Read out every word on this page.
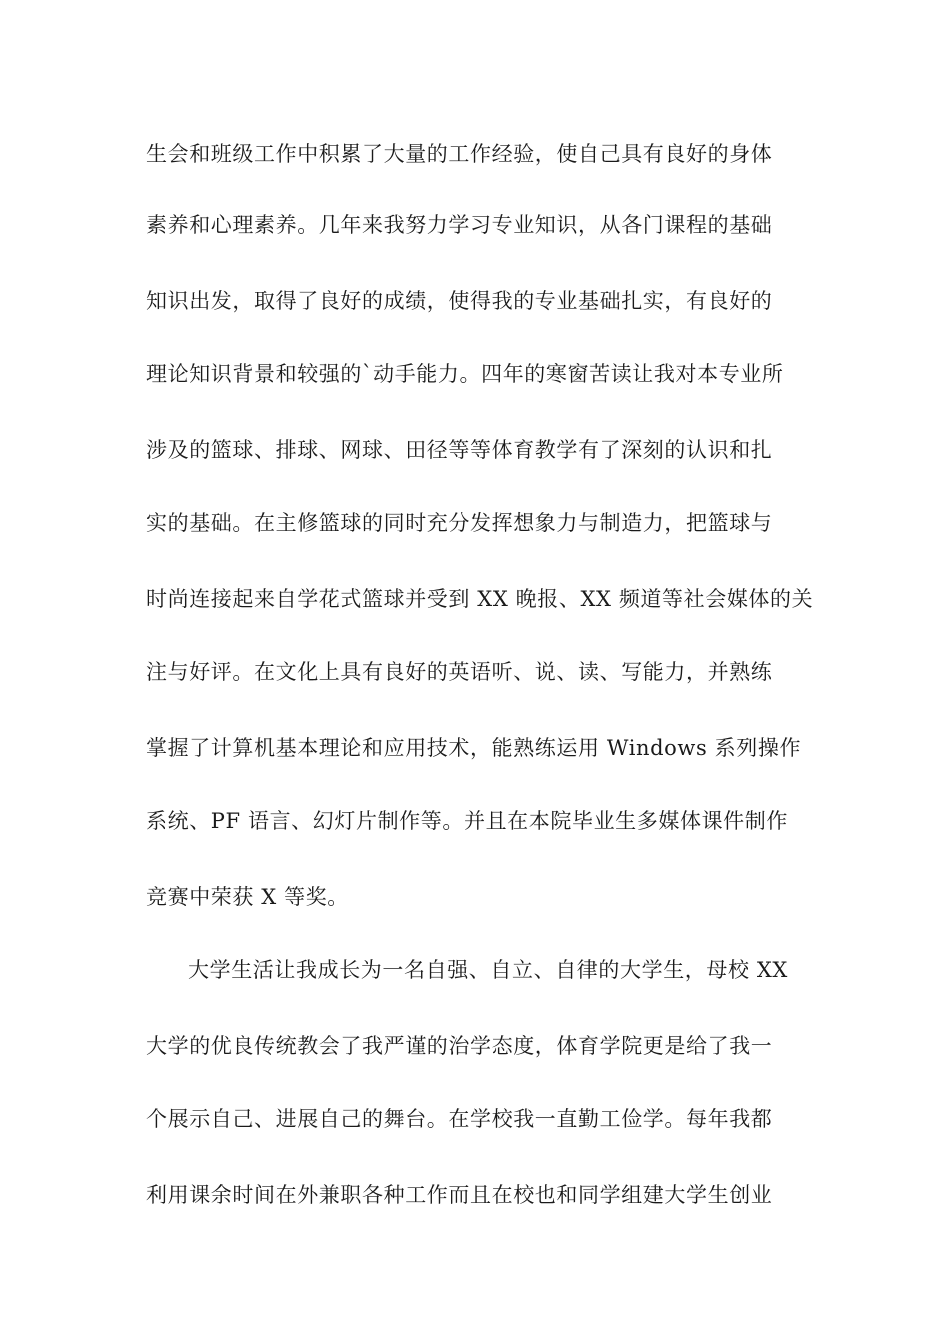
生会和班级工作中积累了大量的工作经验，使自己具有良好的身体
素养和心理素养。几年来我努力学习专业知识，从各门课程的基础
知识出发，取得了良好的成绩，使得我的专业基础扎实，有良好的
理论知识背景和较强的`动手能力。四年的寒窗苦读让我对本专业所
涉及的篮球、排球、网球、田径等等体育教学有了深刻的认识和扎
实的基础。在主修篮球的同时充分发挥想象力与制造力，把篮球与
时尚连接起来自学花式篮球并受到 XX 晚报、XX 频道等社会媒体的关
注与好评。在文化上具有良好的英语听、说、读、写能力，并熟练
掌握了计算机基本理论和应用技术，能熟练运用 Windows 系列操作
系统、PF 语言、幻灯片制作等。并且在本院毕业生多媒体课件制作
竞赛中荣获 X 等奖。
大学生活让我成长为一名自强、自立、自律的大学生，母校 XX
大学的优良传统教会了我严谨的治学态度，体育学院更是给了我一
个展示自己、进展自己的舞台。在学校我一直勤工俭学。每年我都
利用课余时间在外兼职各种工作而且在校也和同学组建大学生创业
